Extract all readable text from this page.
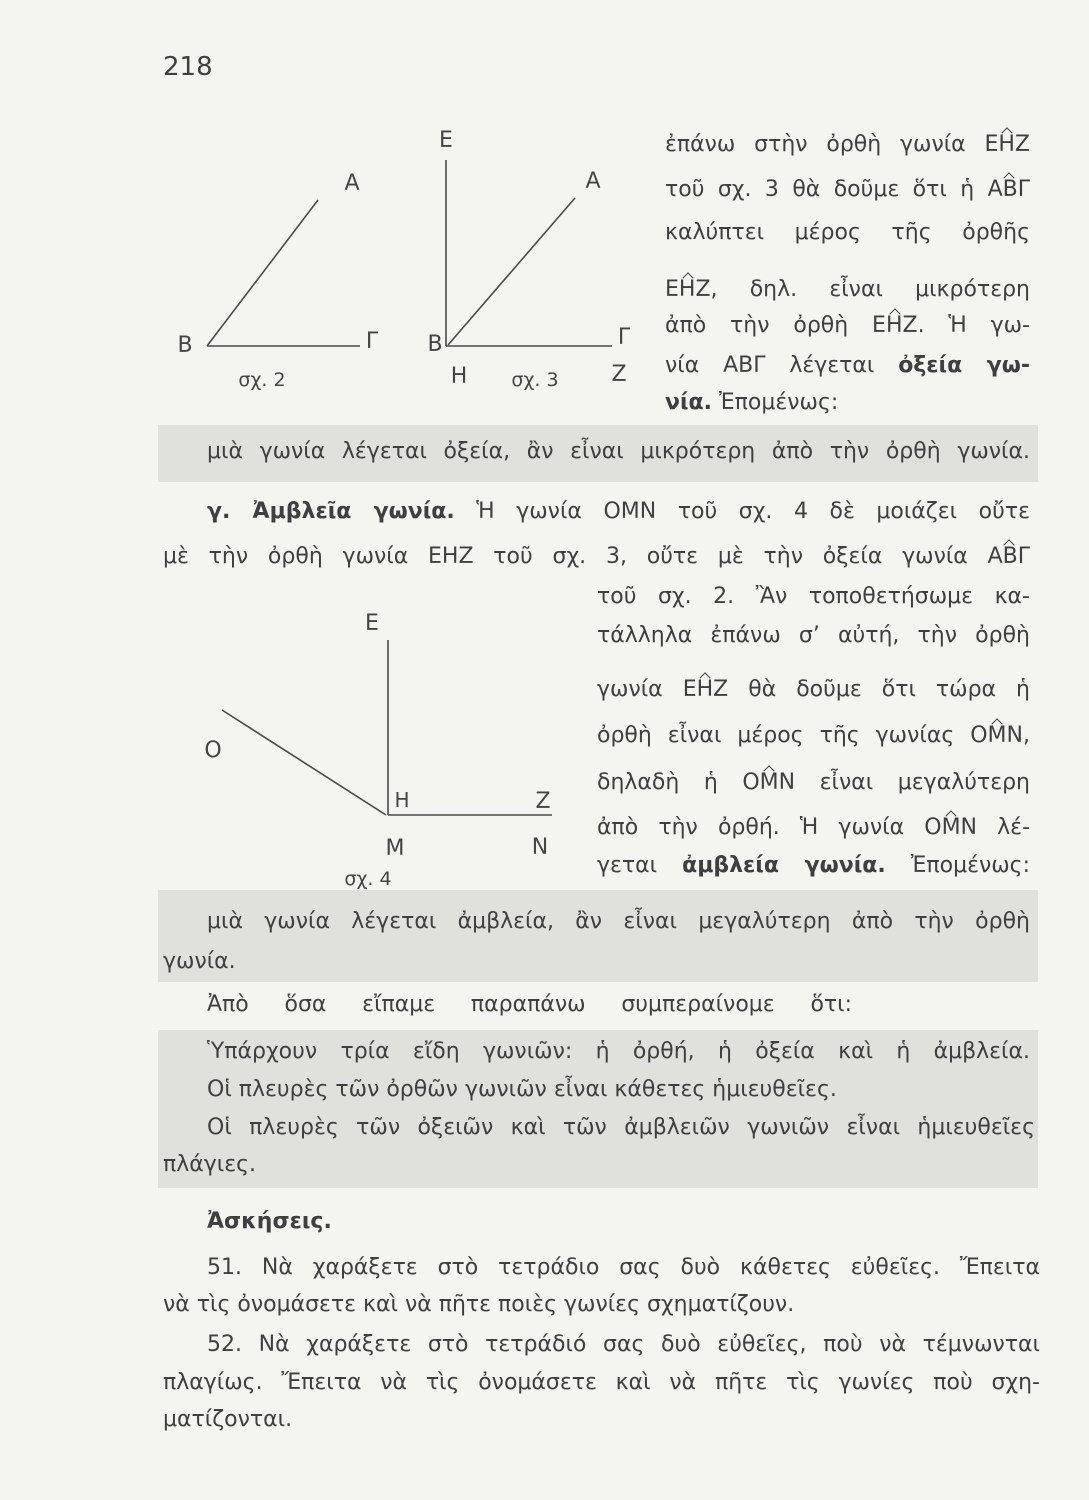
218
Α
Β	Γ
σχ. 2
Ε
Α
Β	Γ
Η	Ζ
σχ. 3
ἐπάνω στὴν ὀρθὴ γωνία ΕΗΖ
τοῦ σχ. 3 θὰ δοῦμε ὅτι ἡ ΑΒΓ
καλύπτει μέρος τῆς ὀρθῆς
ΕΗΖ, δηλ. εἶναι μικρότερη
ἀπὸ τὴν ὀρθὴ ΕΗΖ. Ἡ γω-
νία ΑΒΓ λέγεται ὀξεία γω-
νία. Ἐπομένως:
μιὰ γωνία λέγεται ὀξεία, ἂν εἶναι μικρότερη ἀπὸ τὴν ὀρθὴ γωνία.
γ. Ἀμβλεῖα γωνία. Ἡ γωνία ΟΜΝ τοῦ σχ. 4 δὲ μοιάζει οὔτε
μὲ τὴν ὀρθὴ γωνία ΕΗΖ τοῦ σχ. 3, οὔτε μὲ τὴν ὀξεία γωνία ΑΒΓ
τοῦ σχ. 2. Ἂν τοποθετήσωμε κα-
τάλληλα ἐπάνω σ’ αὐτή, τὴν ὀρθὴ
γωνία ΕΗΖ θὰ δοῦμε ὅτι τώρα ἡ
ὀρθὴ εἶναι μέρος τῆς γωνίας ΟΜΝ,
δηλαδὴ ἡ ΟΜΝ εἶναι μεγαλύτερη
ἀπὸ τὴν ὀρθή. Ἡ γωνία ΟΜΝ λέ-
γεται ἀμβλεία γωνία. Ἐπομένως:
Ε
Ο
Η	Ζ
Μ	Ν
σχ. 4
μιὰ γωνία λέγεται ἀμβλεία, ἂν εἶναι μεγαλύτερη ἀπὸ τὴν ὀρθὴ
γωνία.
Ἀπὸ ὅσα εἴπαμε παραπάνω συμπεραίνομε ὅτι:
Ὑπάρχουν τρία εἴδη γωνιῶν: ἡ ὀρθή, ἡ ὀξεία καὶ ἡ ἀμβλεία.
Οἱ πλευρὲς τῶν ὀρθῶν γωνιῶν εἶναι κάθετες ἡμιευθεῖες.
Οἱ πλευρὲς τῶν ὀξειῶν καὶ τῶν ἀμβλειῶν γωνιῶν εἶναι ἡμιευθεῖες
πλάγιες.
Ἀσκήσεις.
51. Νὰ χαράξετε στὸ τετράδιο σας δυὸ κάθετες εὐθεῖες. Ἔπειτα
νὰ τὶς ὀνομάσετε καὶ νὰ πῆτε ποιὲς γωνίες σχηματίζουν.
52. Νὰ χαράξετε στὸ τετράδιό σας δυὸ εὐθεῖες, ποὺ νὰ τέμνωνται
πλαγίως. Ἔπειτα νὰ τὶς ὀνομάσετε καὶ νὰ πῆτε τὶς γωνίες ποὺ σχη-
ματίζονται.
